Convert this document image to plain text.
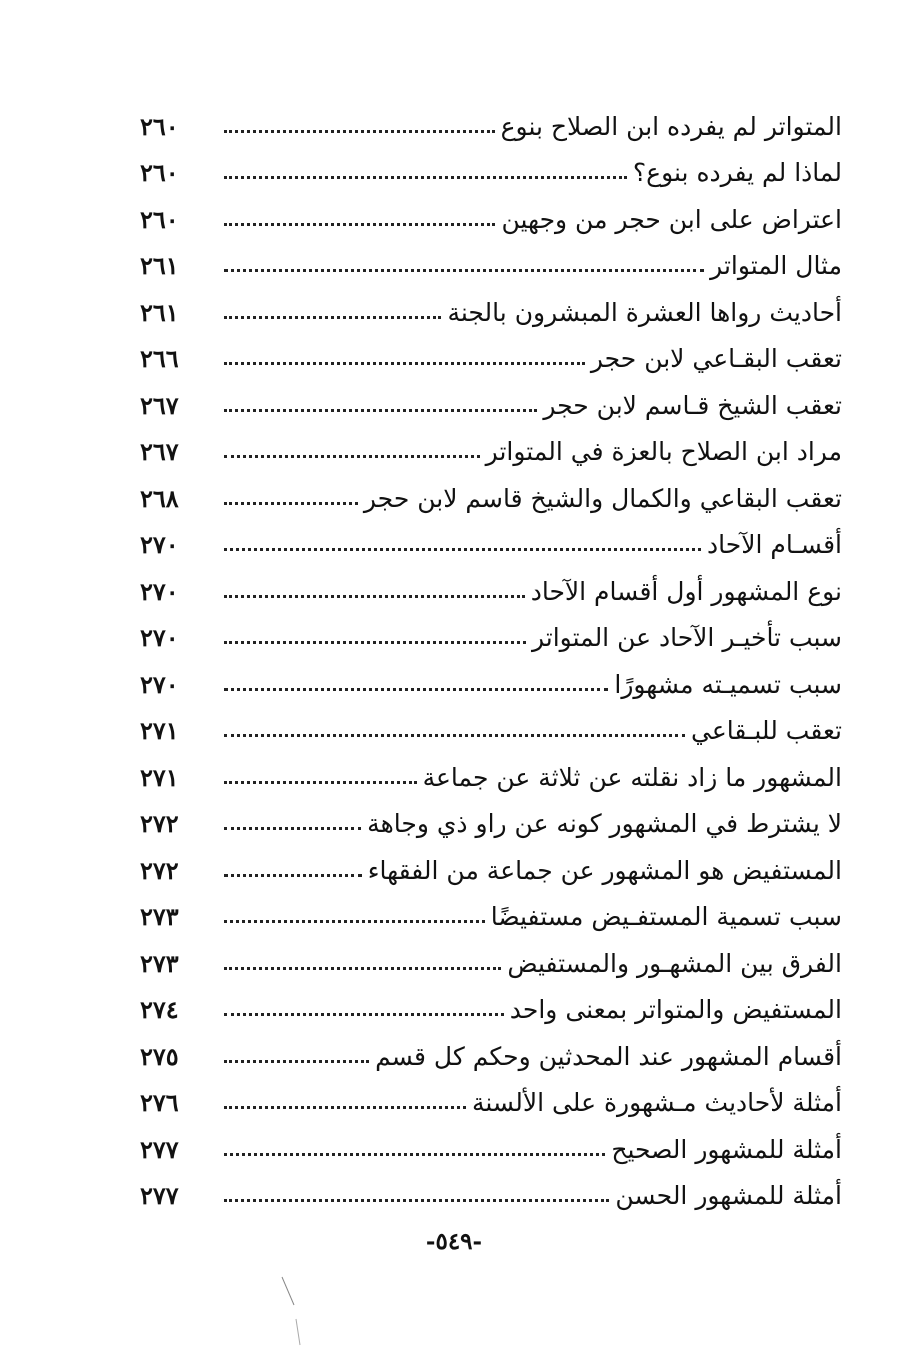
المتواتر لم يفرده ابن الصلاح بنوع
٢٦٠
لماذا لم يفرده بنوع؟
٢٦٠
اعتراض على ابن حجر من وجهين
٢٦٠
مثال المتواتر
٢٦١
أحاديث رواها العشرة المبشرون بالجنة
٢٦١
تعقب البقـاعي لابن حجر
٢٦٦
تعقب الشيخ قـاسم لابن حجر
٢٦٧
مراد ابن الصلاح بالعزة في المتواتر
٢٦٧
تعقب البقاعي والكمال والشيخ قاسم لابن حجر
٢٦٨
أقسـام الآحاد
٢٧٠
نوع المشهور أول أقسام الآحاد
٢٧٠
سبب تأخيـر الآحاد عن المتواتر
٢٧٠
سبب تسميـته مشهورًا
٢٧٠
تعقب للبـقاعي
٢٧١
المشهور ما زاد نقلته عن ثلاثة عن جماعة
٢٧١
لا يشترط في المشهور كونه عن راو ذي وجاهة
٢٧٢
المستفيض هو المشهور عن جماعة من الفقهاء
٢٧٢
سبب تسمية المستفـيض مستفيضًا
٢٧٣
الفرق بين المشهـور والمستفيض
٢٧٣
المستفيض والمتواتر بمعنى واحد
٢٧٤
أقسام المشهور عند المحدثين وحكم كل قسم
٢٧٥
أمثلة لأحاديث مـشهورة على الألسنة
٢٧٦
أمثلة للمشهور الصحيح
٢٧٧
أمثلة للمشهور الحسن
٢٧٧
-٥٤٩-
